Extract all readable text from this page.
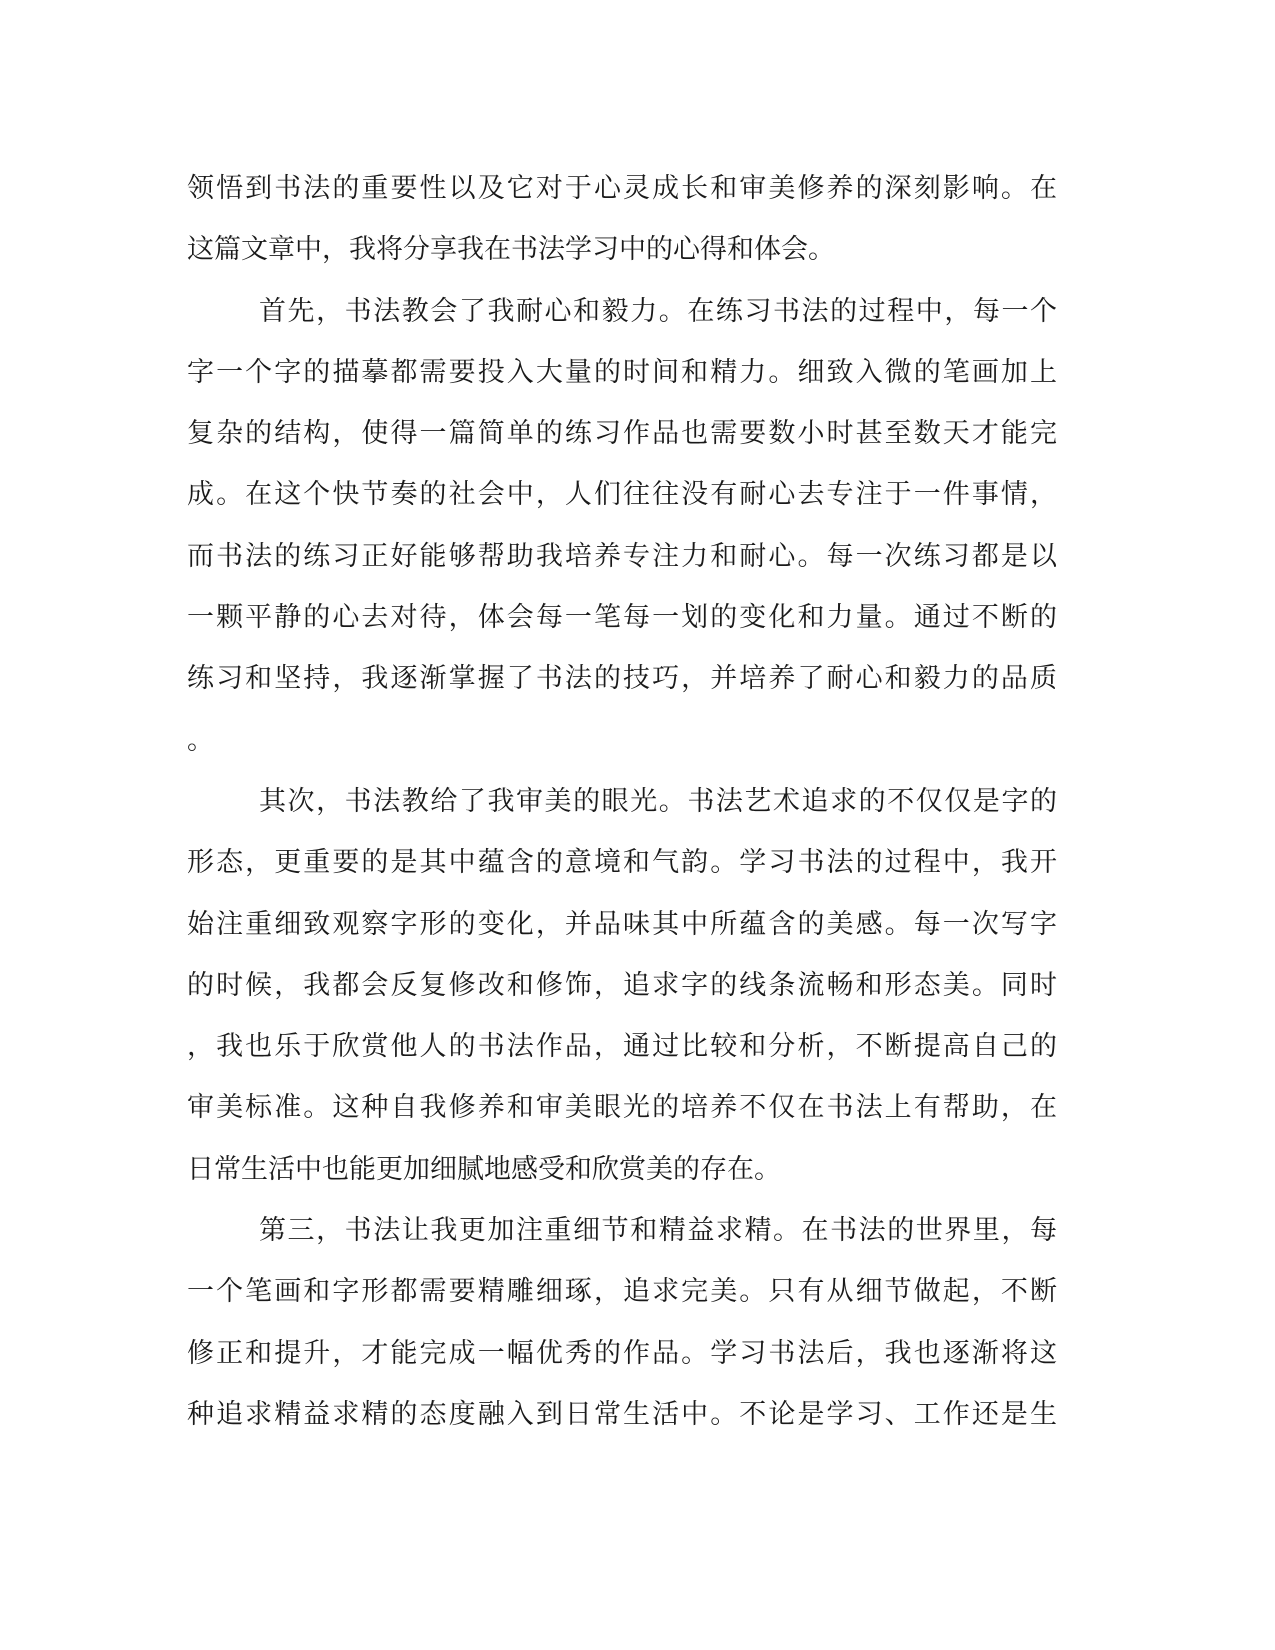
领悟到书法的重要性以及它对于心灵成长和审美修养的深刻影响。在
这篇文章中，我将分享我在书法学习中的心得和体会。
首先，书法教会了我耐心和毅力。在练习书法的过程中，每一个
字一个字的描摹都需要投入大量的时间和精力。细致入微的笔画加上
复杂的结构，使得一篇简单的练习作品也需要数小时甚至数天才能完
成。在这个快节奏的社会中，人们往往没有耐心去专注于一件事情，
而书法的练习正好能够帮助我培养专注力和耐心。每一次练习都是以
一颗平静的心去对待，体会每一笔每一划的变化和力量。通过不断的
练习和坚持，我逐渐掌握了书法的技巧，并培养了耐心和毅力的品质
。
其次，书法教给了我审美的眼光。书法艺术追求的不仅仅是字的
形态，更重要的是其中蕴含的意境和气韵。学习书法的过程中，我开
始注重细致观察字形的变化，并品味其中所蕴含的美感。每一次写字
的时候，我都会反复修改和修饰，追求字的线条流畅和形态美。同时
，我也乐于欣赏他人的书法作品，通过比较和分析，不断提高自己的
审美标准。这种自我修养和审美眼光的培养不仅在书法上有帮助，在
日常生活中也能更加细腻地感受和欣赏美的存在。
第三，书法让我更加注重细节和精益求精。在书法的世界里，每
一个笔画和字形都需要精雕细琢，追求完美。只有从细节做起，不断
修正和提升，才能完成一幅优秀的作品。学习书法后，我也逐渐将这
种追求精益求精的态度融入到日常生活中。不论是学习、工作还是生
